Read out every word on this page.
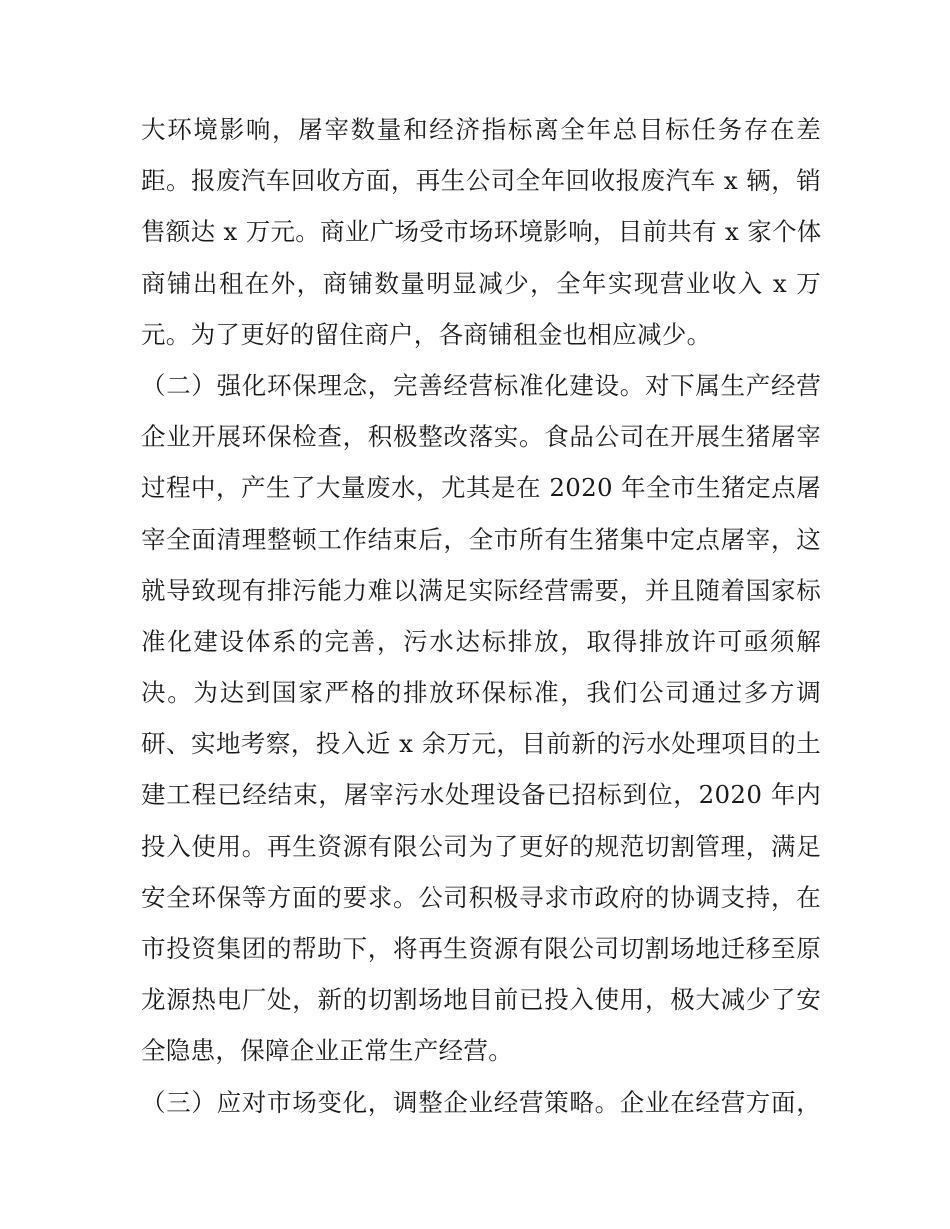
大环境影响，屠宰数量和经济指标离全年总目标任务存在差
距。报废汽车回收方面，再生公司全年回收报废汽车 x 辆，销
售额达 x 万元。商业广场受市场环境影响，目前共有 x 家个体
商铺出租在外，商铺数量明显减少，全年实现营业收入 x 万
元。为了更好的留住商户，各商铺租金也相应减少。
（二）强化环保理念，完善经营标准化建设。对下属生产经营
企业开展环保检查，积极整改落实。食品公司在开展生猪屠宰
过程中，产生了大量废水，尤其是在 2020 年全市生猪定点屠
宰全面清理整顿工作结束后，全市所有生猪集中定点屠宰，这
就导致现有排污能力难以满足实际经营需要，并且随着国家标
准化建设体系的完善，污水达标排放，取得排放许可亟须解
决。为达到国家严格的排放环保标准，我们公司通过多方调
研、实地考察，投入近 x 余万元，目前新的污水处理项目的土
建工程已经结束，屠宰污水处理设备已招标到位，2020 年内
投入使用。再生资源有限公司为了更好的规范切割管理，满足
安全环保等方面的要求。公司积极寻求市政府的协调支持，在
市投资集团的帮助下，将再生资源有限公司切割场地迁移至原
龙源热电厂处，新的切割场地目前已投入使用，极大减少了安
全隐患，保障企业正常生产经营。
（三）应对市场变化，调整企业经营策略。企业在经营方面，
